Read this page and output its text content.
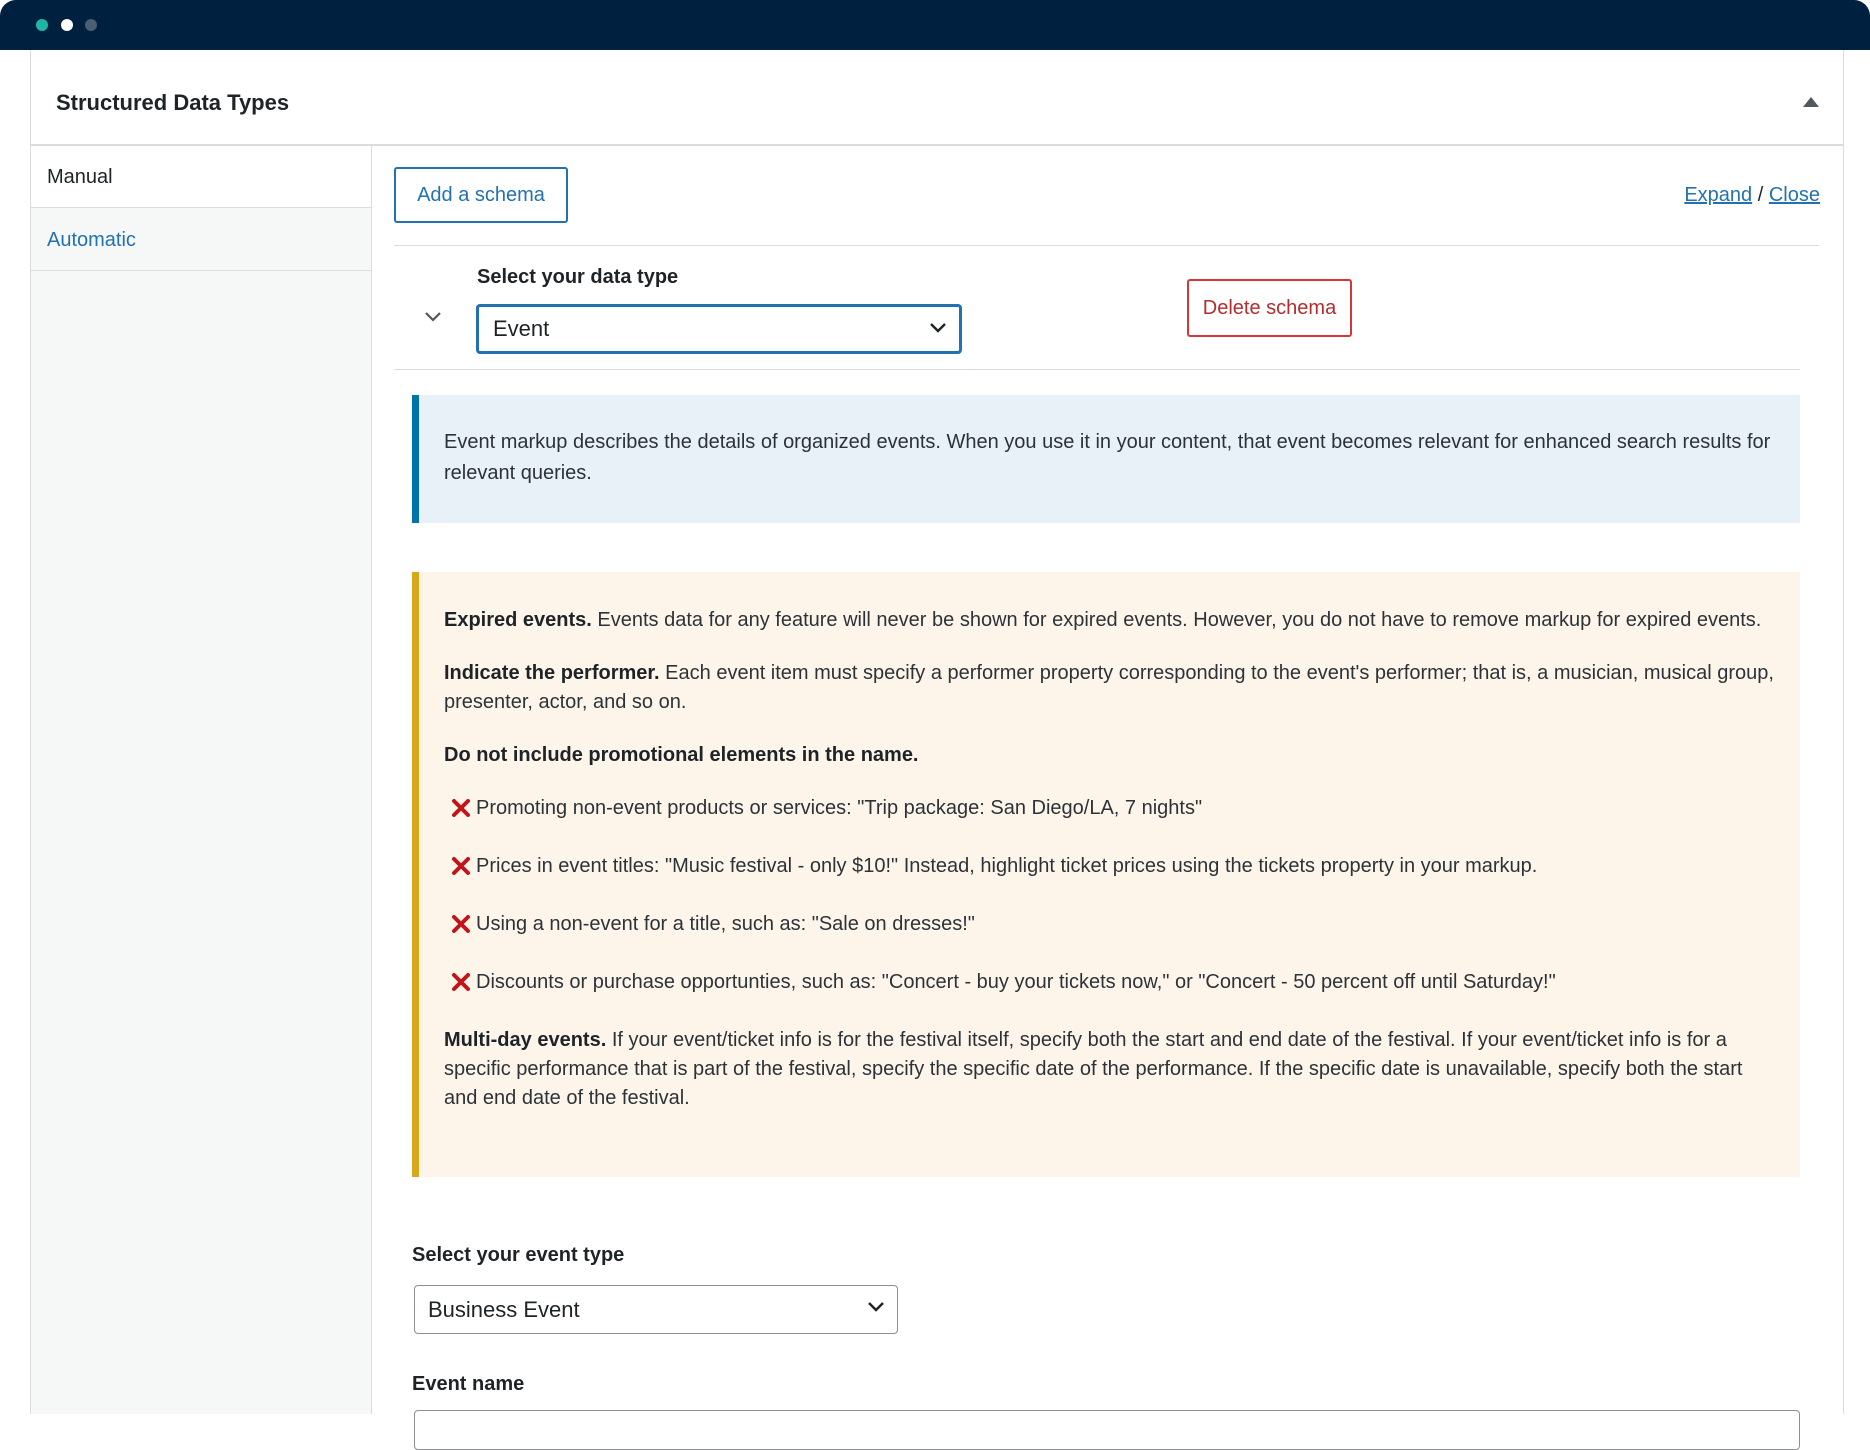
Structured Data Types
Manual
Automatic
Add a schema	Expand / Close
Select your data type
Event
Delete schema
Event markup describes the details of organized events. When you use it in your content, that event becomes relevant for enhanced search results for relevant queries.

Expired events. Events data for any feature will never be shown for expired events. However, you do not have to remove markup for expired events.

Indicate the performer. Each event item must specify a performer property corresponding to the event's performer; that is, a musician, musical group, presenter, actor, and so on.

Do not include promotional elements in the name.

Promoting non-event products or services: "Trip package: San Diego/LA, 7 nights"
Prices in event titles: "Music festival - only $10!" Instead, highlight ticket prices using the tickets property in your markup.
Using a non-event for a title, such as: "Sale on dresses!"
Discounts or purchase opportunties, such as: "Concert - buy your tickets now," or "Concert - 50 percent off until Saturday!"

Multi-day events. If your event/ticket info is for the festival itself, specify both the start and end date of the festival. If your event/ticket info is for a specific performance that is part of the festival, specify the specific date of the performance. If the specific date is unavailable, specify both the start and end date of the festival.

Select your event type
Business Event
Event name
